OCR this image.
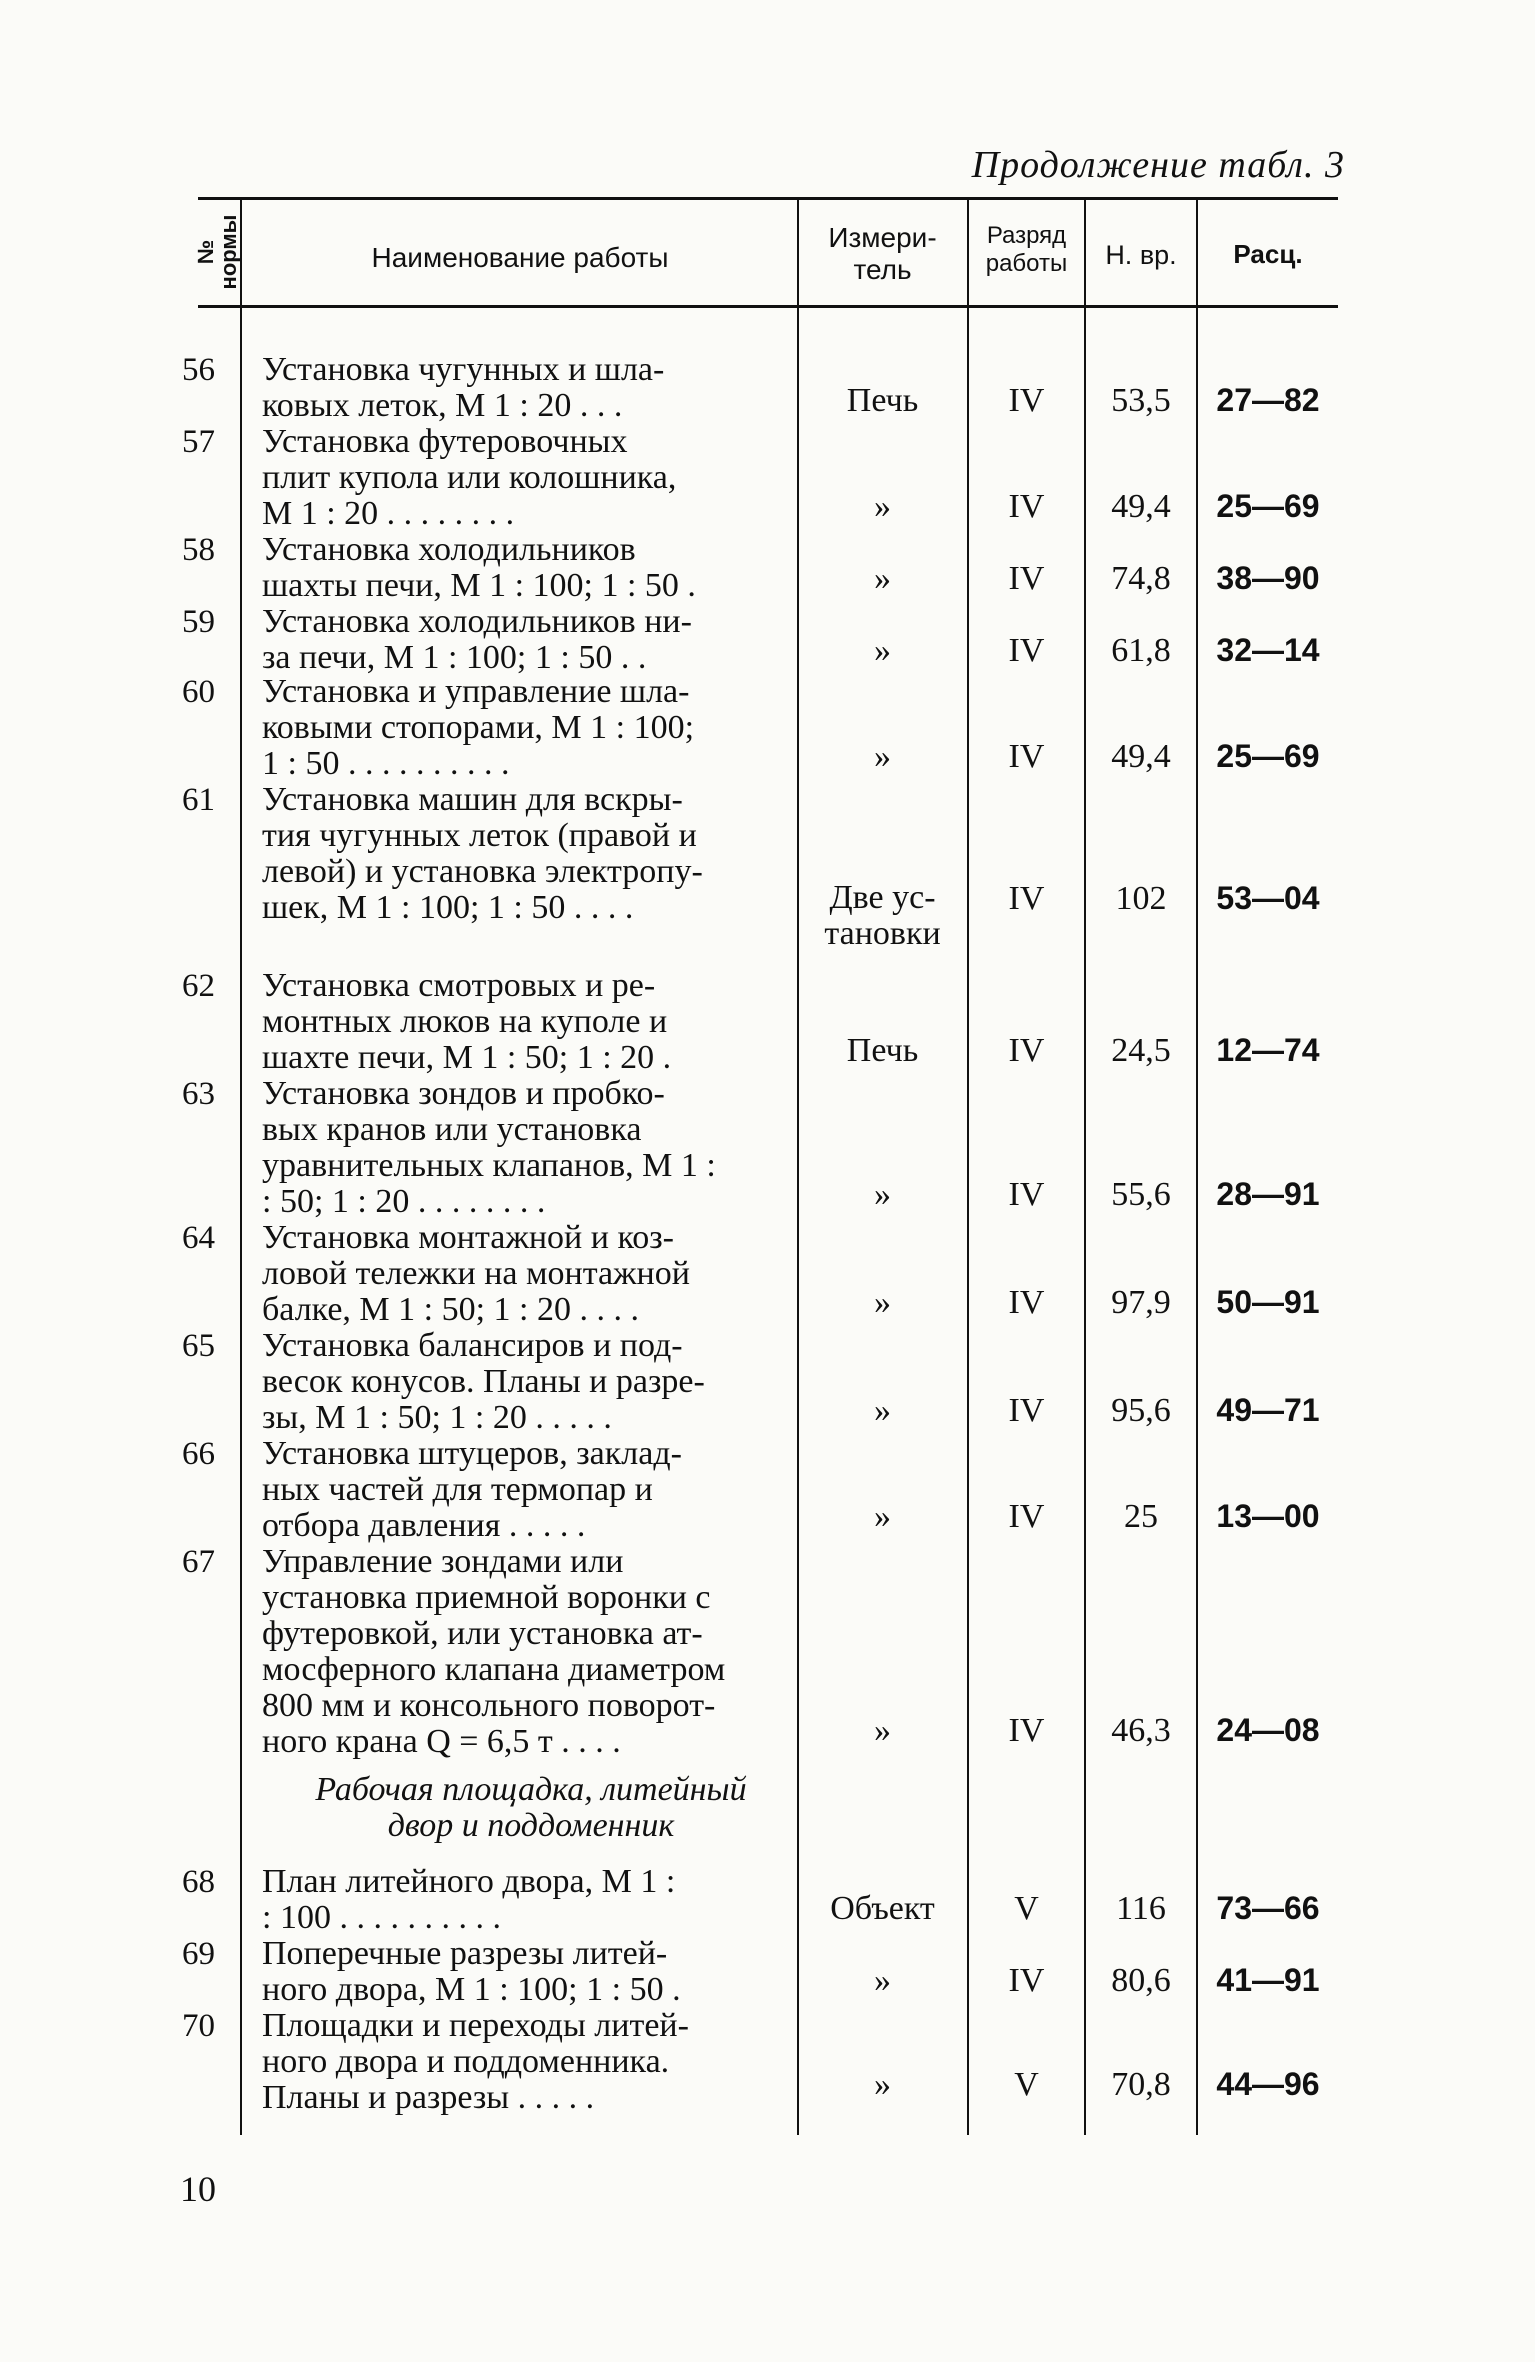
Продолжение табл. 3
№
нормы	Наименование работы
Измери-
тель
Разряд
работы	Н. вр.	Расц.
56	Установка чугунных и шла-
ковых леток, М 1 : 20 . . .	Печь	IV	53,5	27—82
57	Установка футеровочных
плит купола или колошника,
М 1 : 20 . . . . . . . .	»	IV	49,4	25—69
58	Установка холодильников
шахты печи, М 1 : 100; 1 : 50 .	»	IV	74,8	38—90
59	Установка холодильников ни-
за печи, М 1 : 100; 1 : 50 . .	»	IV	61,8	32—14
60	Установка и управление шла-
ковыми стопорами, М 1 : 100;
1 : 50 . . . . . . . . . .	»	IV	49,4	25—69
61	Установка машин для вскры-
тия чугунных леток (правой и
левой) и установка электропу-
шек, М 1 : 100; 1 : 50 . . . .	Две ус-
тановки
IV	102	53—04
62	Установка смотровых и ре-
монтных люков на куполе и
шахте печи, М 1 : 50; 1 : 20 .	Печь	IV	24,5	12—74
63	Установка зондов и пробко-
вых кранов или установка
уравнительных клапанов, М 1 :
: 50; 1 : 20 . . . . . . . .	»	IV	55,6	28—91
64	Установка монтажной и коз-
ловой тележки на монтажной
балке, М 1 : 50; 1 : 20 . . . .	»	IV	97,9	50—91
65	Установка балансиров и под-
весок конусов. Планы и разре-
зы, М 1 : 50; 1 : 20 . . . . .	»	IV	95,6	49—71
66	Установка штуцеров, заклад-
ных частей для термопар и
отбора давления . . . . .	»	IV	25	13—00
67	Управление зондами или
установка приемной воронки с
футеровкой, или установка ат-
мосферного клапана диаметром
800 мм и консольного поворот-
ного крана Q = 6,5 т . . . .	»	IV	46,3	24—08
Рабочая площадка, литейный
двор и поддоменник
68	План литейного двора, М 1 :
: 100 . . . . . . . . . .	Объект	V	116	73—66
69	Поперечные разрезы литей-
ного двора, М 1 : 100; 1 : 50 .	»	IV	80,6	41—91
70	Площадки и переходы литей-
ного двора и поддоменника.
Планы и разрезы . . . . .	»	V	70,8	44—96
10
